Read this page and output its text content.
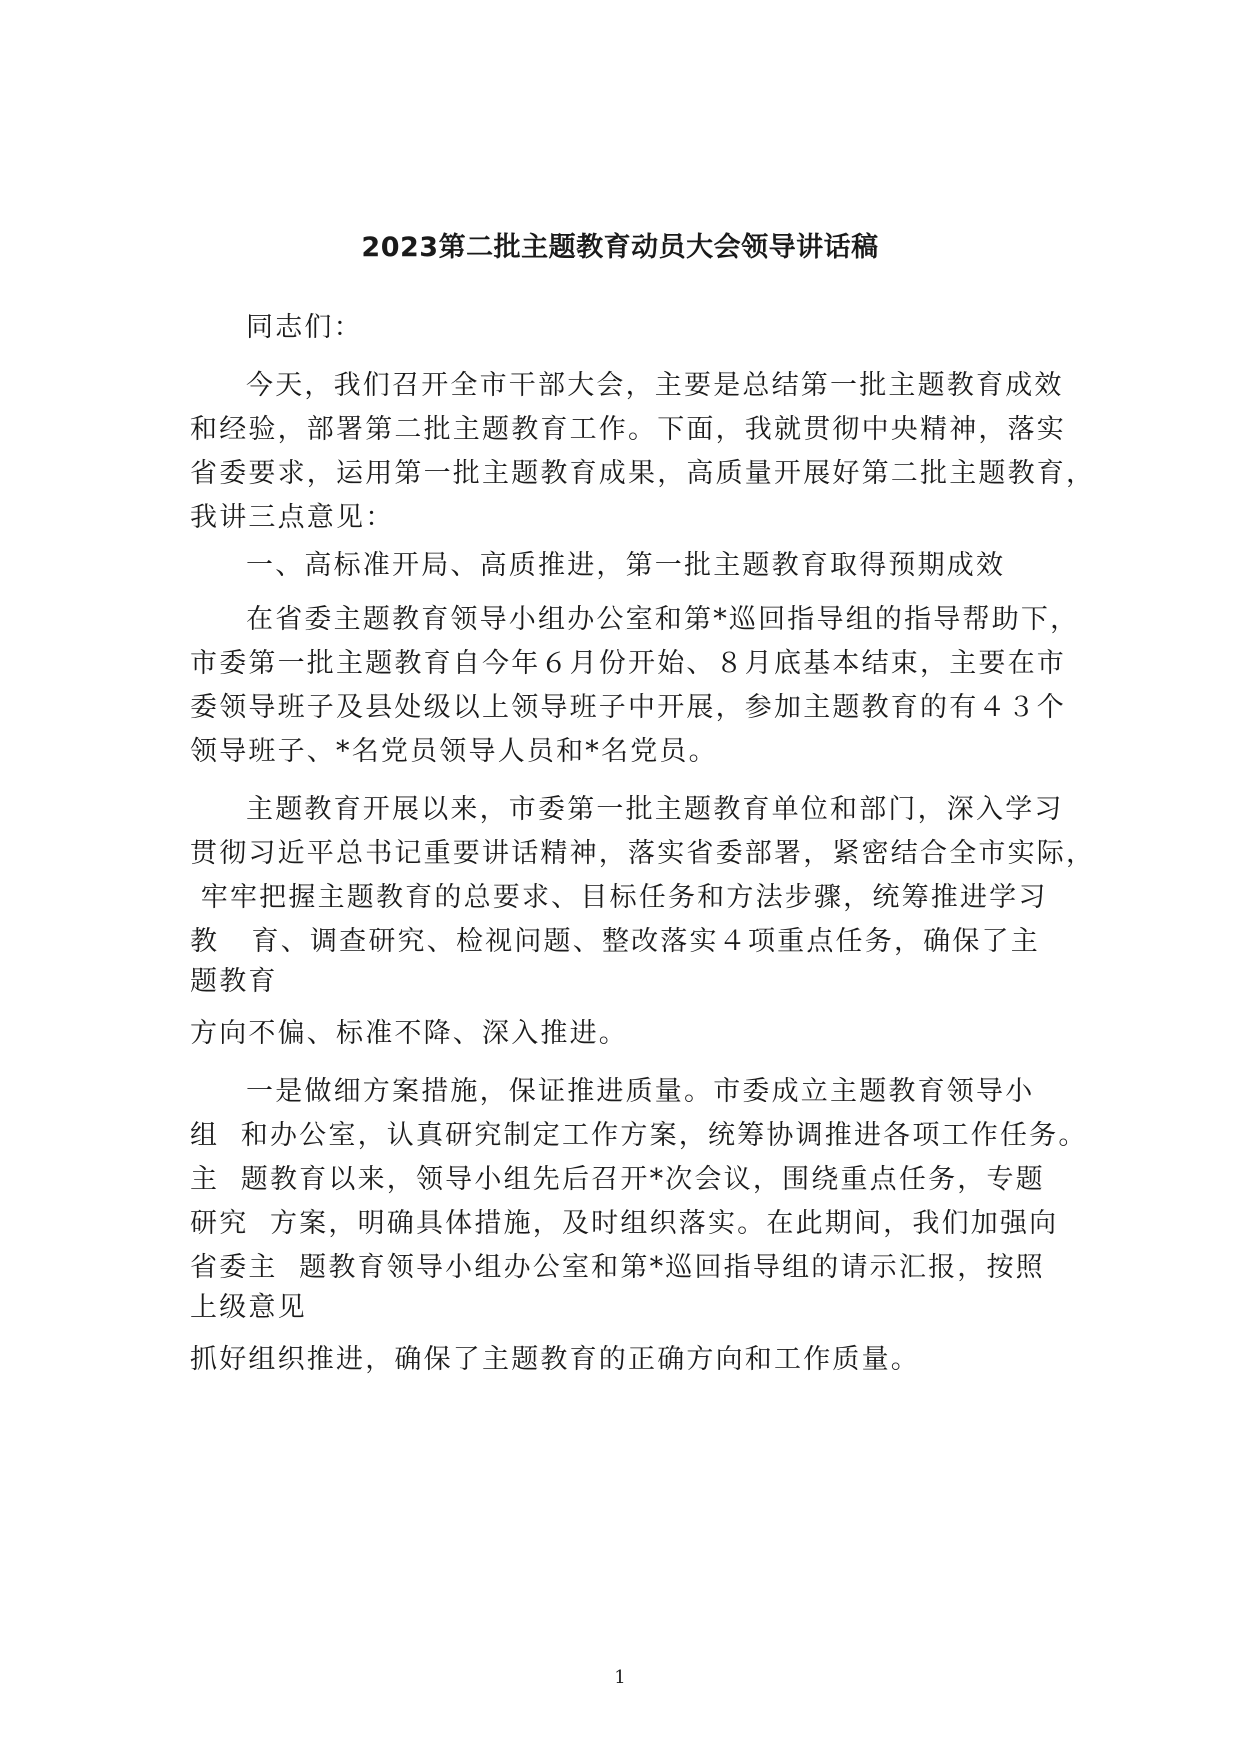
2023第二批主题教育动员大会领导讲话稿
同志们：
今天，我们召开全市干部大会，主要是总结第一批主题教育成效
和经验，部署第二批主题教育工作。下面，我就贯彻中央精神，落实
省委要求，运用第一批主题教育成果，高质量开展好第二批主题教育，
我讲三点意见：
一、高标准开局、高质推进，第一批主题教育取得预期成效
在省委主题教育领导小组办公室和第*巡回指导组的指导帮助下，
市委第一批主题教育自今年６月份开始、８月底基本结束，主要在市
委领导班子及县处级以上领导班子中开展，参加主题教育的有４３个
领导班子、*名党员领导人员和*名党员。
主题教育开展以来，市委第一批主题教育单位和部门，深入学习
贯彻习近平总书记重要讲话精神，落实省委部署，紧密结合全市实际，
牢牢把握主题教育的总要求、目标任务和方法步骤，统筹推进学习
教   育、调查研究、检视问题、整改落实４项重点任务，确保了主
题教育
方向不偏、标准不降、深入推进。
一是做细方案措施，保证推进质量。市委成立主题教育领导小
组  和办公室，认真研究制定工作方案，统筹协调推进各项工作任务。
主  题教育以来，领导小组先后召开*次会议，围绕重点任务，专题
研究  方案，明确具体措施，及时组织落实。在此期间，我们加强向
省委主  题教育领导小组办公室和第*巡回指导组的请示汇报，按照
上级意见
抓好组织推进，确保了主题教育的正确方向和工作质量。
1
